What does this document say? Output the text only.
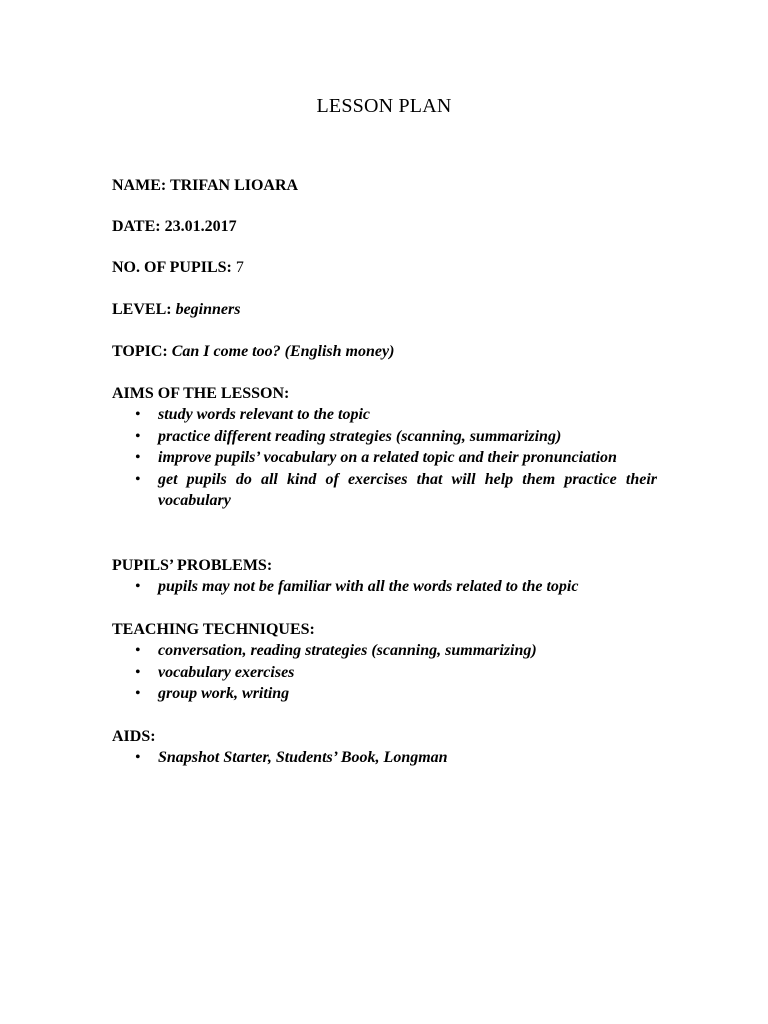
LESSON PLAN
NAME: TRIFAN LIOARA
DATE: 23.01.2017
NO. OF PUPILS: 7
LEVEL: beginners
TOPIC: Can I come too? (English money)
AIMS OF THE LESSON:
• study words relevant to the topic
• practice different reading strategies (scanning, summarizing)
• improve pupils’ vocabulary on a related topic and their pronunciation
• get pupils do all kind of exercises that will help them practice their vocabulary
PUPILS’ PROBLEMS:
• pupils may not be familiar with all the words related to the topic
TEACHING TECHNIQUES:
• conversation, reading strategies (scanning, summarizing)
• vocabulary exercises
• group work, writing
AIDS:
• Snapshot Starter, Students’ Book, Longman
